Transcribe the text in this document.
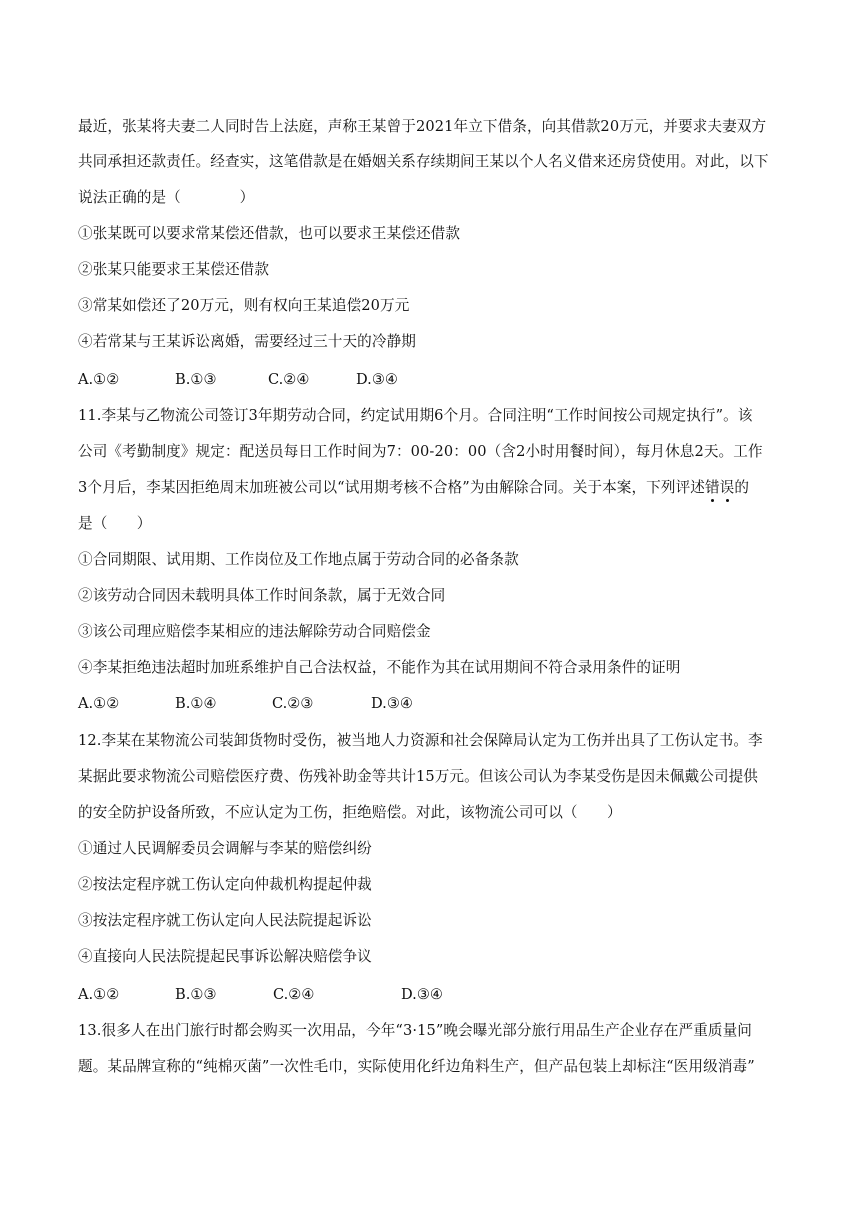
最近，张某将夫妻二人同时告上法庭，声称王某曾于2021年立下借条，向其借款20万元，并要求夫妻双方
共同承担还款责任。经查实，这笔借款是在婚姻关系存续期间王某以个人名义借来还房贷使用。对此，以下
说法正确的是（　　　　）
①张某既可以要求常某偿还借款，也可以要求王某偿还借款
②张某只能要求王某偿还借款
③常某如偿还了20万元，则有权向王某追偿20万元
④若常某与王某诉讼离婚，需要经过三十天的冷静期
A.①②	B.①③	C.②④	D.③④
11.李某与乙物流公司签订3年期劳动合同，约定试用期6个月。合同注明“工作时间按公司规定执行”。该
公司《考勤制度》规定：配送员每日工作时间为7：00-20：00（含2小时用餐时间），每月休息2天。工作
3个月后，李某因拒绝周末加班被公司以“试用期考核不合格”为由解除合同。关于本案，下列评述错误的
是（　　）
①合同期限、试用期、工作岗位及工作地点属于劳动合同的必备条款
②该劳动合同因未载明具体工作时间条款，属于无效合同
③该公司理应赔偿李某相应的违法解除劳动合同赔偿金
④李某拒绝违法超时加班系维护自己合法权益，不能作为其在试用期间不符合录用条件的证明
A.①②	B.①④	C.②③	D.③④
12.李某在某物流公司装卸货物时受伤，被当地人力资源和社会保障局认定为工伤并出具了工伤认定书。李
某据此要求物流公司赔偿医疗费、伤残补助金等共计15万元。但该公司认为李某受伤是因未佩戴公司提供
的安全防护设备所致，不应认定为工伤，拒绝赔偿。对此，该物流公司可以（　　）
①通过人民调解委员会调解与李某的赔偿纠纷
②按法定程序就工伤认定向仲裁机构提起仲裁
③按法定程序就工伤认定向人民法院提起诉讼
④直接向人民法院提起民事诉讼解决赔偿争议
A.①②	B.①③	C.②④	D.③④
13.很多人在出门旅行时都会购买一次用品，今年“3·15”晚会曝光部分旅行用品生产企业存在严重质量问
题。某品牌宣称的“纯棉灭菌”一次性毛巾，实际使用化纤边角料生产，但产品包装上却标注“医用级消毒”
